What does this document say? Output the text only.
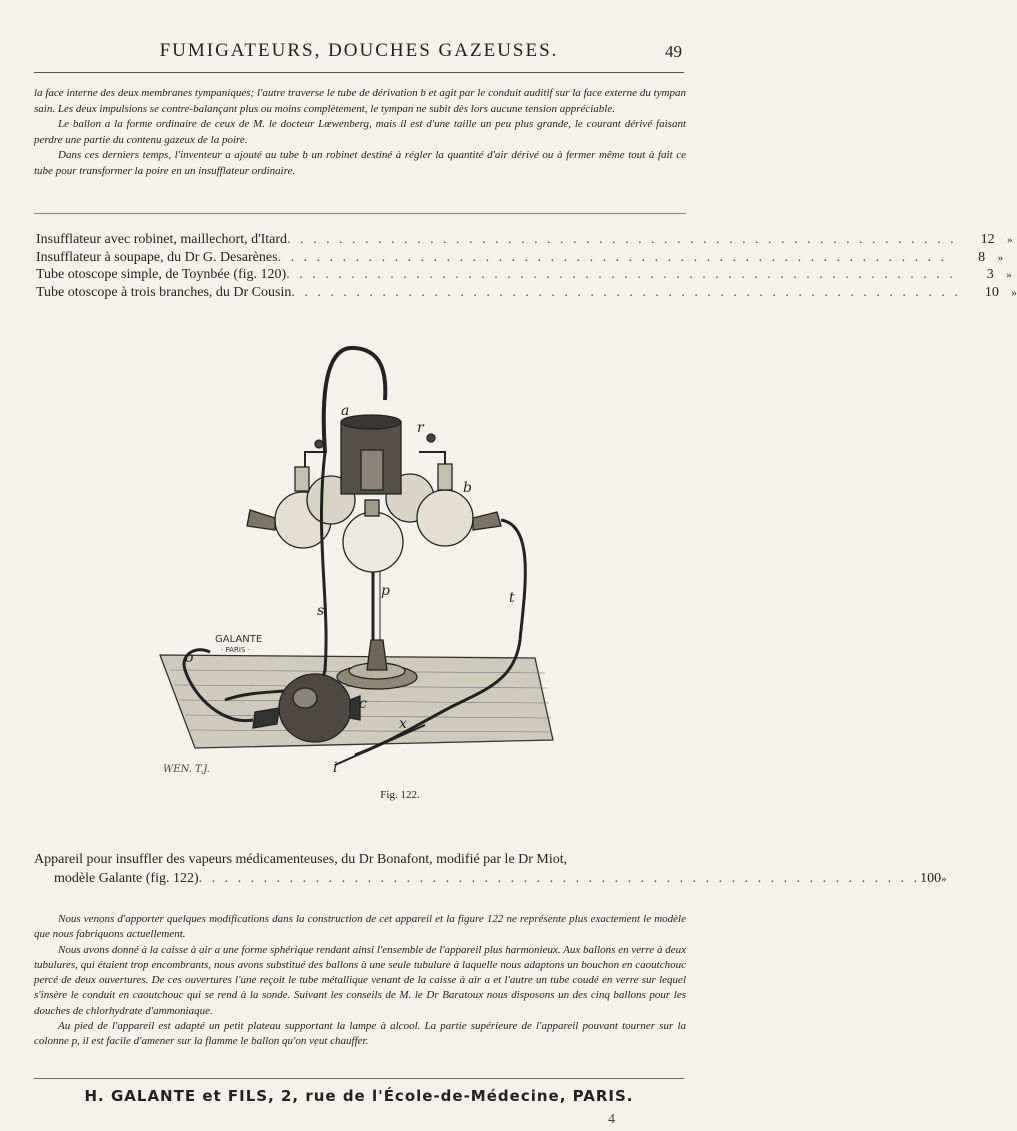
FUMIGATEURS, DOUCHES GAZEUSES.	49

la face interne des deux membranes tympaniques; l'autre traverse le tube de dérivation b et agit par le conduit auditif sur la face externe du tympan sain. Les deux impulsions se contre-balançant plus ou moins complètement, le tympan ne subit dès lors aucune tension appréciable.

Le ballon a la forme ordinaire de ceux de M. le docteur Lœwenberg, mais il est d'une taille un peu plus grande, le courant dérivé faisant perdre une partie du contenu gazeux de la poire.

Dans ces derniers temps, l'inventeur a ajouté au tube b un robinet destiné à régler la quantité d'air dérivé ou à fermer même tout à fait ce tube pour transformer la poire en un insufflateur ordinaire.

Insufflateur avec robinet, maillechort, d'Itard . . . . . . . . . . . . . . . . . . . . . . . . . . . . . . . . . . . . . . . . . . . . . . . . . . . .	12	»
Insufflateur à soupape, du Dr G. Desarènes . . . . . . . . . . . . . . . . . . . . . . . . . . . . . . . . . . . . . . . . . . . . . . . . . . . .	8	»
Tube otoscope simple, de Toynbée (fig. 120) . . . . . . . . . . . . . . . . . . . . . . . . . . . . . . . . . . . . . . . . . . . . . . . . . . . .	3	»
Tube otoscope à trois branches, du Dr Cousin . . . . . . . . . . . . . . . . . . . . . . . . . . . . . . . . . . . . . . . . . . . . . . . . . . . .	10	»
GALANTE
· PARIS ·
WEN. T.J.
a
r
b
p
s
t
o
c
x
i
Fig. 122.
Appareil pour insuffler des vapeurs médicamenteuses, du Dr Bonafont, modifié par le Dr Miot,
modèle Galante (fig. 122) . . . . . . . . . . . . . . . . . . . . . . . . . . . . . . . . . . . . . . . . . . . . . . . . . . . . . . . . 100 »

Nous venons d'apporter quelques modifications dans la construction de cet appareil et la figure 122 ne représente plus exactement le modèle que nous fabriquons actuellement.

Nous avons donné à la caisse à air a une forme sphérique rendant ainsi l'ensemble de l'appareil plus harmonieux. Aux ballons en verre à deux tubulures, qui étaient trop encombrants, nous avons substitué des ballons à une seule tubulure à laquelle nous adaptons un bouchon en caoutchouc percé de deux ouvertures. De ces ouvertures l'une reçoit le tube métallique venant de la caisse à air a et l'autre un tube coudé en verre sur lequel s'insère le conduit en caoutchouc qui se rend à la sonde. Suivant les conseils de M. le Dr Baratoux nous disposons un des cinq ballons pour les douches de chlorhydrate d'ammoniaque.

Au pied de l'appareil est adapté un petit plateau supportant la lampe à alcool. La partie supérieure de l'appareil pouvant tourner sur la colonne p, il est facile d'amener sur la flamme le ballon qu'on veut chauffer.

H. GALANTE et FILS, 2, rue de l'École-de-Médecine, PARIS.
4
